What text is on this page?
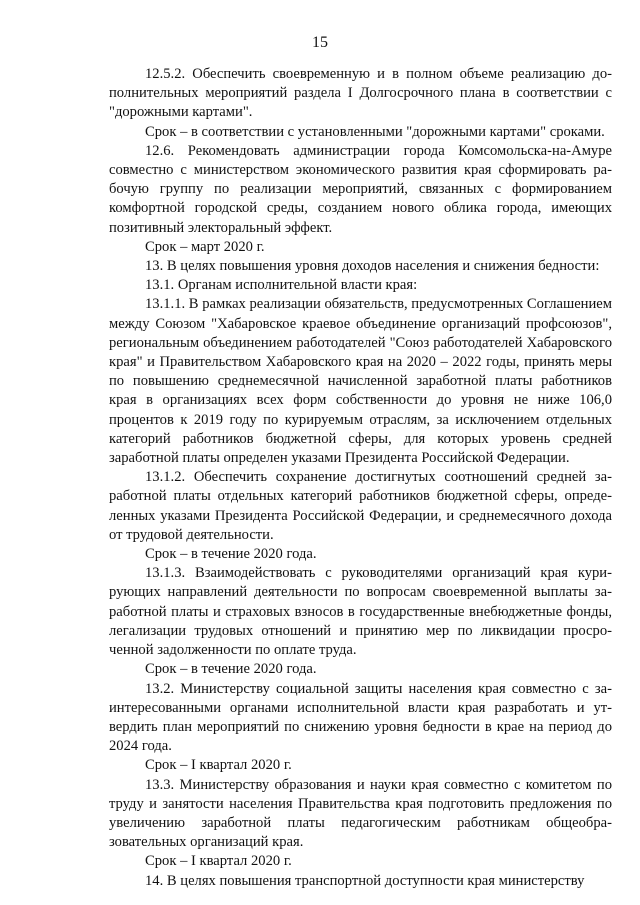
15

12.5.2. Обеспечить своевременную и в полном объеме реализацию дополнительных мероприятий раздела I Долгосрочного плана в соответствии с "дорожными картами".

Срок – в соответствии с установленными "дорожными картами" сроками.

12.6. Рекомендовать администрации города Комсомольска-на-Амуре совместно с министерством экономического развития края сформировать рабочую группу по реализации мероприятий, связанных с формированием комфортной городской среды, созданием нового облика города, имеющих позитивный электоральный эффект.

Срок – март 2020 г.

13. В целях повышения уровня доходов населения и снижения бедности:

13.1. Органам исполнительной власти края:

13.1.1. В рамках реализации обязательств, предусмотренных Соглашением между Союзом "Хабаровское краевое объединение организаций профсоюзов", региональным объединением работодателей "Союз работодателей Хабаровского края" и Правительством Хабаровского края на 2020 – 2022 годы, принять меры по повышению среднемесячной начисленной заработной платы работников края в организациях всех форм собственности до уровня не ниже 106,0 процентов к 2019 году по курируемым отраслям, за исключением отдельных категорий работников бюджетной сферы, для которых уровень средней заработной платы определен указами Президента Российской Федерации.

13.1.2. Обеспечить сохранение достигнутых соотношений средней заработной платы отдельных категорий работников бюджетной сферы, определенных указами Президента Российской Федерации, и среднемесячного дохода от трудовой деятельности.

Срок – в течение 2020 года.

13.1.3. Взаимодействовать с руководителями организаций края курирующих направлений деятельности по вопросам своевременной выплаты заработной платы и страховых взносов в государственные внебюджетные фонды, легализации трудовых отношений и принятию мер по ликвидации просроченной задолженности по оплате труда.

Срок – в течение 2020 года.

13.2. Министерству социальной защиты населения края совместно с заинтересованными органами исполнительной власти края разработать и утвердить план мероприятий по снижению уровня бедности в крае на период до 2024 года.

Срок – I квартал 2020 г.

13.3. Министерству образования и науки края совместно с комитетом по труду и занятости населения Правительства края подготовить предложения по увеличению заработной платы педагогическим работникам общеобразовательных организаций края.

Срок – I квартал 2020 г.

14. В целях повышения транспортной доступности края министерству
